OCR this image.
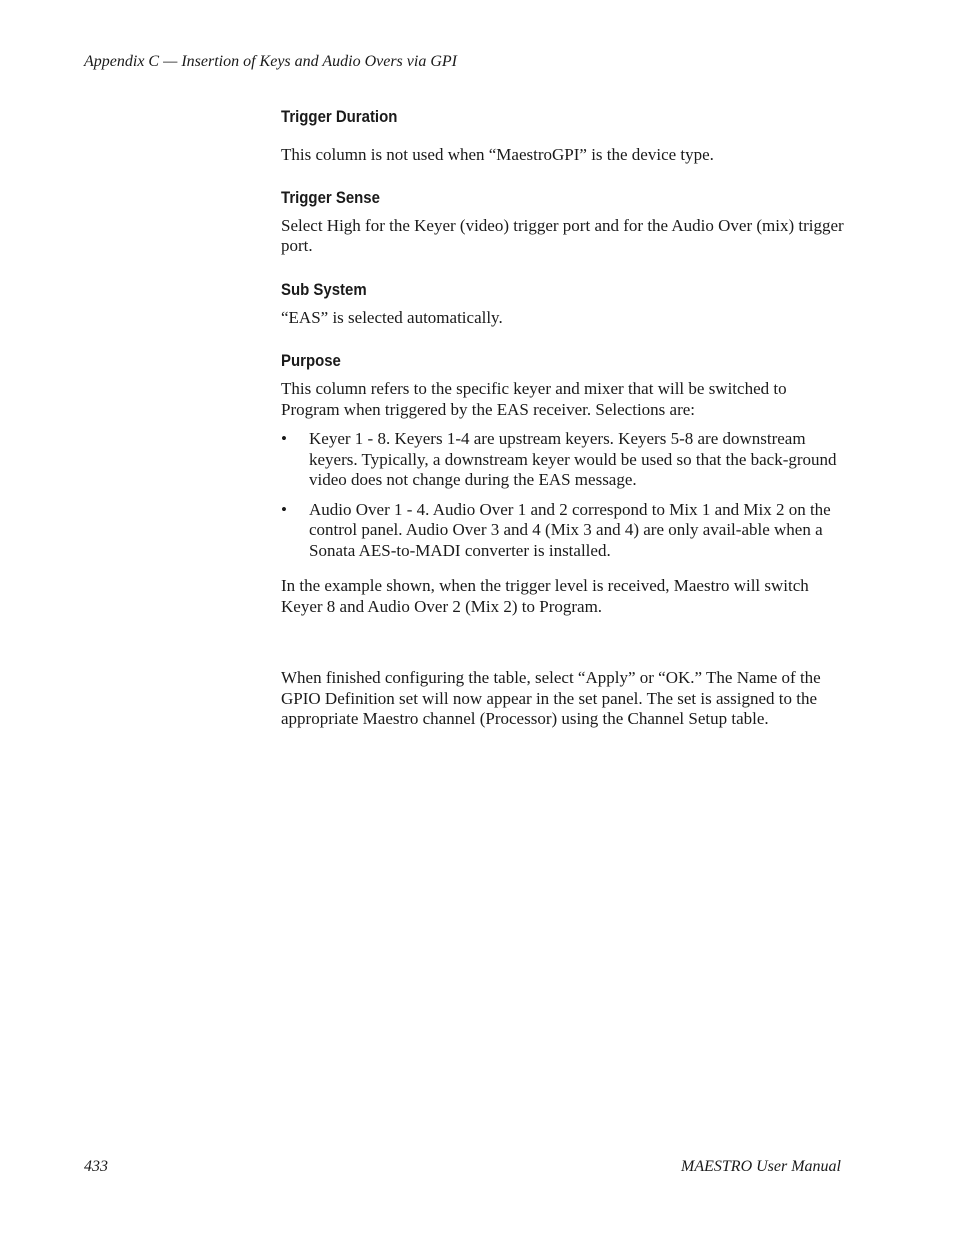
Appendix C — Insertion of Keys and Audio Overs via GPI
Trigger Duration

This column is not used when “MaestroGPI” is the device type.

Trigger Sense

Select High for the Keyer (video) trigger port and for the Audio Over (mix) trigger port.

Sub System

“EAS” is selected automatically.

Purpose

This column refers to the specific keyer and mixer that will be switched to Program when triggered by the EAS receiver. Selections are:

• Keyer 1 - 8. Keyers 1-4 are upstream keyers. Keyers 5-8 are downstream keyers. Typically, a downstream keyer would be used so that the back-ground video does not change during the EAS message.
• Audio Over 1 - 4. Audio Over 1 and 2 correspond to Mix 1 and Mix 2 on the control panel. Audio Over 3 and 4 (Mix 3 and 4) are only avail-able when a Sonata AES-to-MADI converter is installed.

In the example shown, when the trigger level is received, Maestro will switch Keyer 8 and Audio Over 2 (Mix 2) to Program.

When finished configuring the table, select “Apply” or “OK.” The Name of the GPIO Definition set will now appear in the set panel. The set is assigned to the appropriate Maestro channel (Processor) using the Channel Setup table.

433	MAESTRO User Manual
